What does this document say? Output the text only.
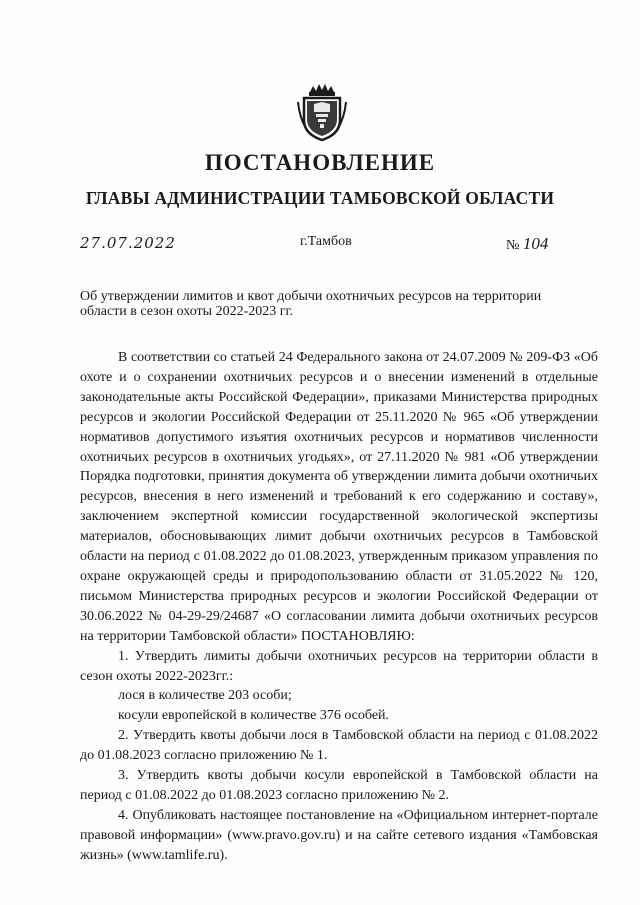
ПОСТАНОВЛЕНИЕ
ГЛАВЫ АДМИНИСТРАЦИИ ТАМБОВСКОЙ ОБЛАСТИ
27.07.2022	г.Тамбов	№ 104
Об утверждении лимитов и квот добычи охотничьих ресурсов на территории области в сезон охоты 2022-2023 гг.

В соответствии со статьей 24 Федерального закона от 24.07.2009 № 209-ФЗ «Об охоте и о сохранении охотничьих ресурсов и о внесении изменений в отдельные законодательные акты Российской Федерации», приказами Министерства природных ресурсов и экологии Российской Федерации от 25.11.2020 № 965 «Об утверждении нормативов допустимого изъятия охотничьих ресурсов и нормативов численности охотничьих ресурсов в охотничьих угодьях», от 27.11.2020 № 981 «Об утверждении Порядка подготовки, принятия документа об утверждении лимита добычи охотничьих ресурсов, внесения в него изменений и требований к его содержанию и составу», заключением экспертной комиссии государственной экологической экспертизы материалов, обосновывающих лимит добычи охотничьих ресурсов в Тамбовской области на период с 01.08.2022 до 01.08.2023, утвержденным приказом управления по охране окружающей среды и природопользованию области от 31.05.2022 № 120, письмом Министерства природных ресурсов и экологии Российской Федерации от 30.06.2022 № 04-29-29/24687 «О согласовании лимита добычи охотничьих ресурсов на территории Тамбовской области» ПОСТАНОВЛЯЮ:

1. Утвердить лимиты добычи охотничьих ресурсов на территории области в сезон охоты 2022-2023гг.:

лося в количестве 203 особи;

косули европейской в количестве 376 особей.

2. Утвердить квоты добычи лося в Тамбовской области на период с 01.08.2022 до 01.08.2023 согласно приложению № 1.

3. Утвердить квоты добычи косули европейской в Тамбовской области на период с 01.08.2022 до 01.08.2023 согласно приложению № 2.

4. Опубликовать настоящее постановление на «Официальном интернет-портале правовой информации» (www.pravo.gov.ru) и на сайте сетевого издания «Тамбовская жизнь» (www.tamlife.ru).
